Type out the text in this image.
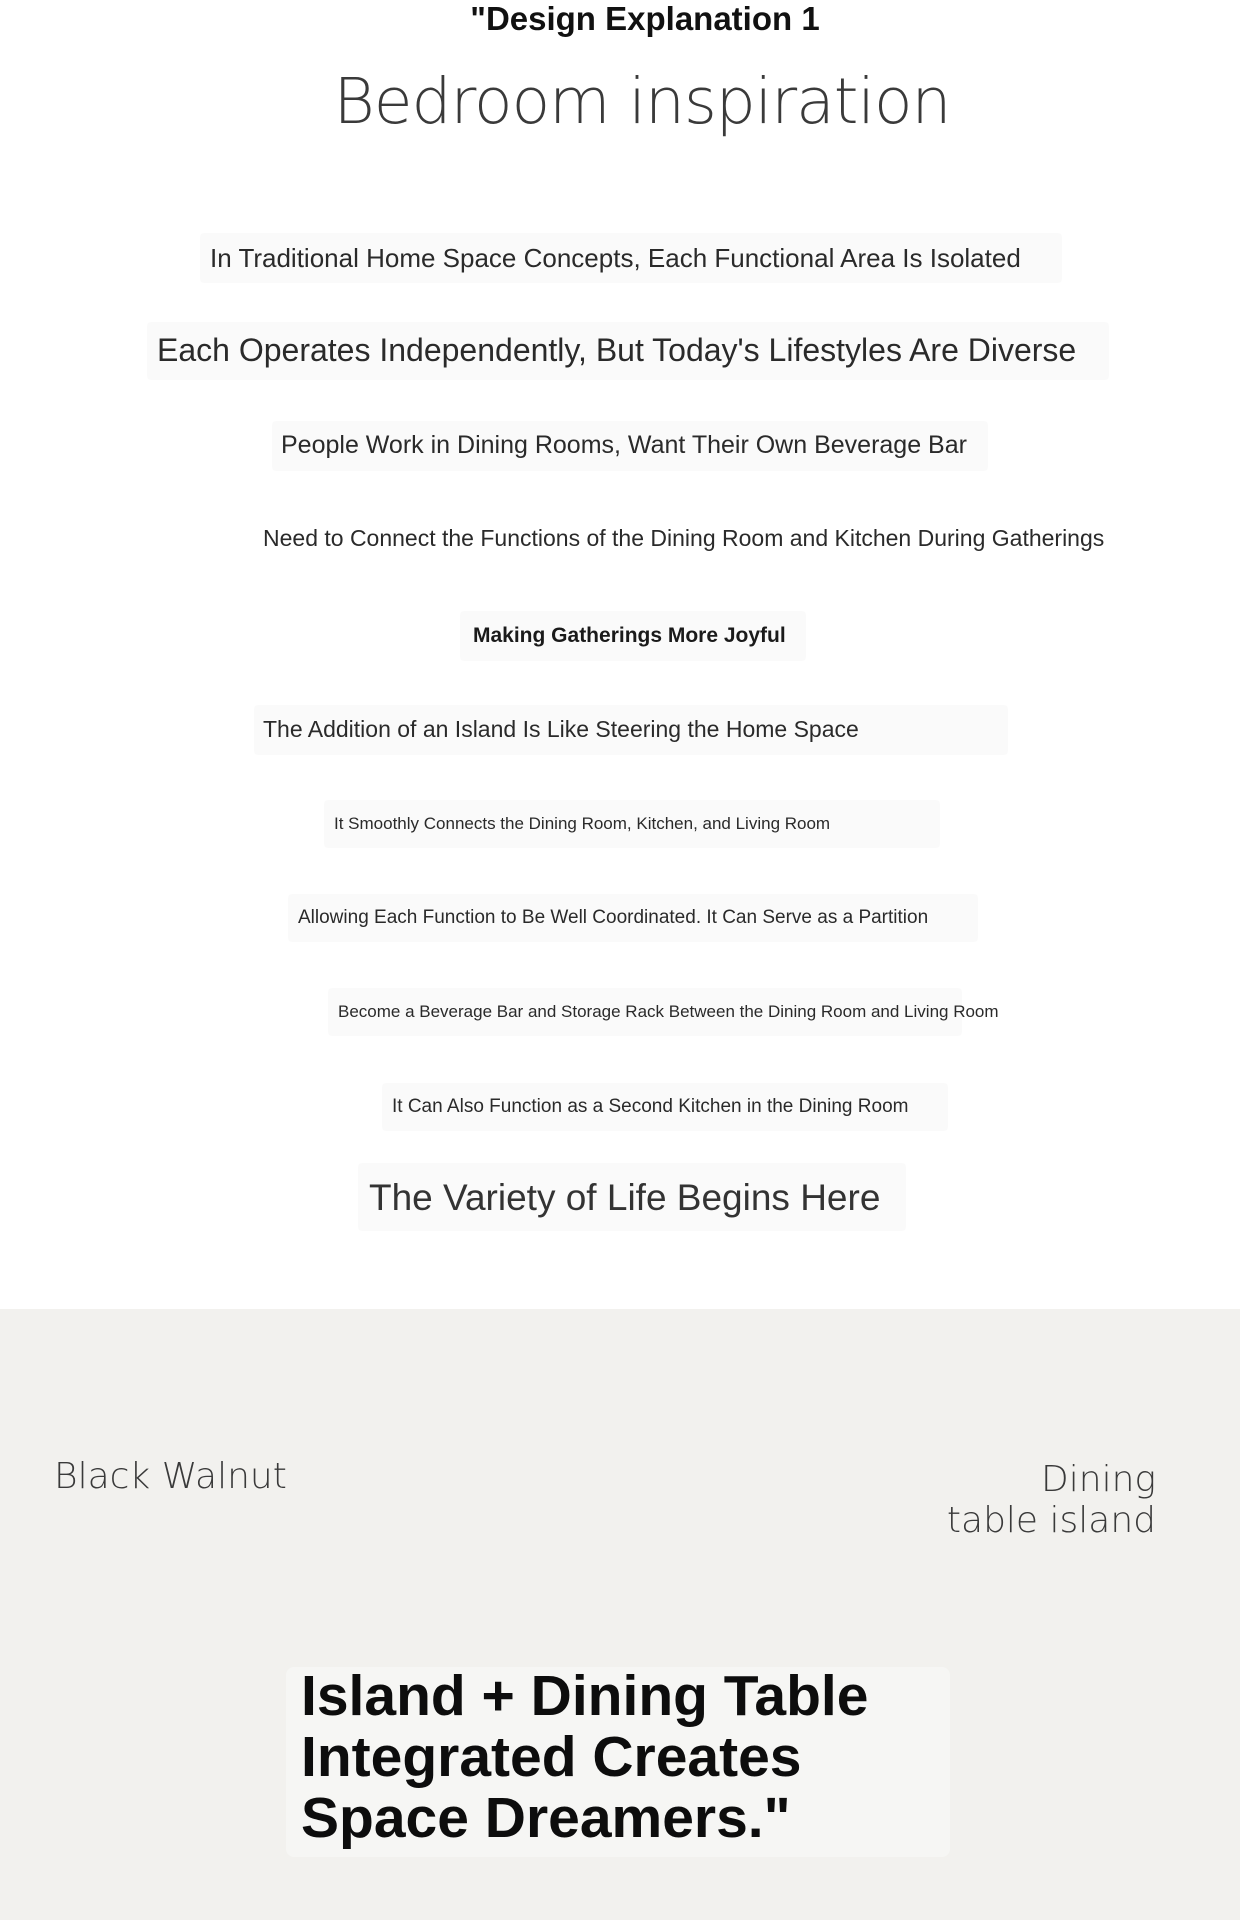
"Design Explanation 1
Bedroom inspiration
In Traditional Home Space Concepts, Each Functional Area Is Isolated
Each Operates Independently, But Today's Lifestyles Are Diverse
People Work in Dining Rooms, Want Their Own Beverage Bar
Need to Connect the Functions of the Dining Room and Kitchen During Gatherings
Making Gatherings More Joyful
The Addition of an Island Is Like Steering the Home Space
It Smoothly Connects the Dining Room, Kitchen, and Living Room
Allowing Each Function to Be Well Coordinated. It Can Serve as a Partition
Become a Beverage Bar and Storage Rack Between the Dining Room and Living Room
It Can Also Function as a Second Kitchen in the Dining Room
The Variety of Life Begins Here
Black Walnut	Dining
table island
Island + Dining Table
Integrated Creates
Space Dreamers."
